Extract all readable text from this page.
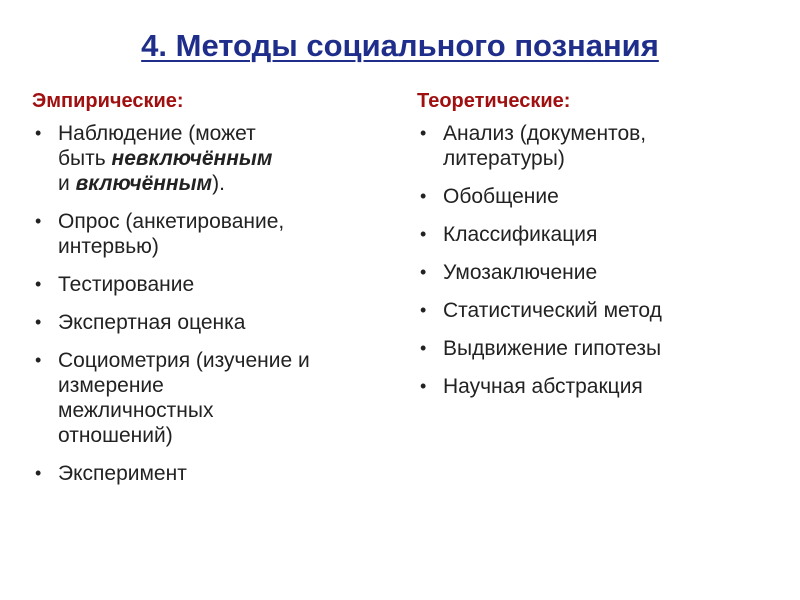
4. Методы социального познания
Эмпирические:
• Наблюдение (может
быть невключённым
и включённым).
• Опрос (анкетирование,
интервью)
• Тестирование
• Экспертная оценка
• Социометрия (изучение и
измерение
межличностных
отношений)
• Эксперимент
Теоретические:
• Анализ (документов,
литературы)
• Обобщение
• Классификация
• Умозаключение
• Статистический метод
• Выдвижение гипотезы
• Научная абстракция
